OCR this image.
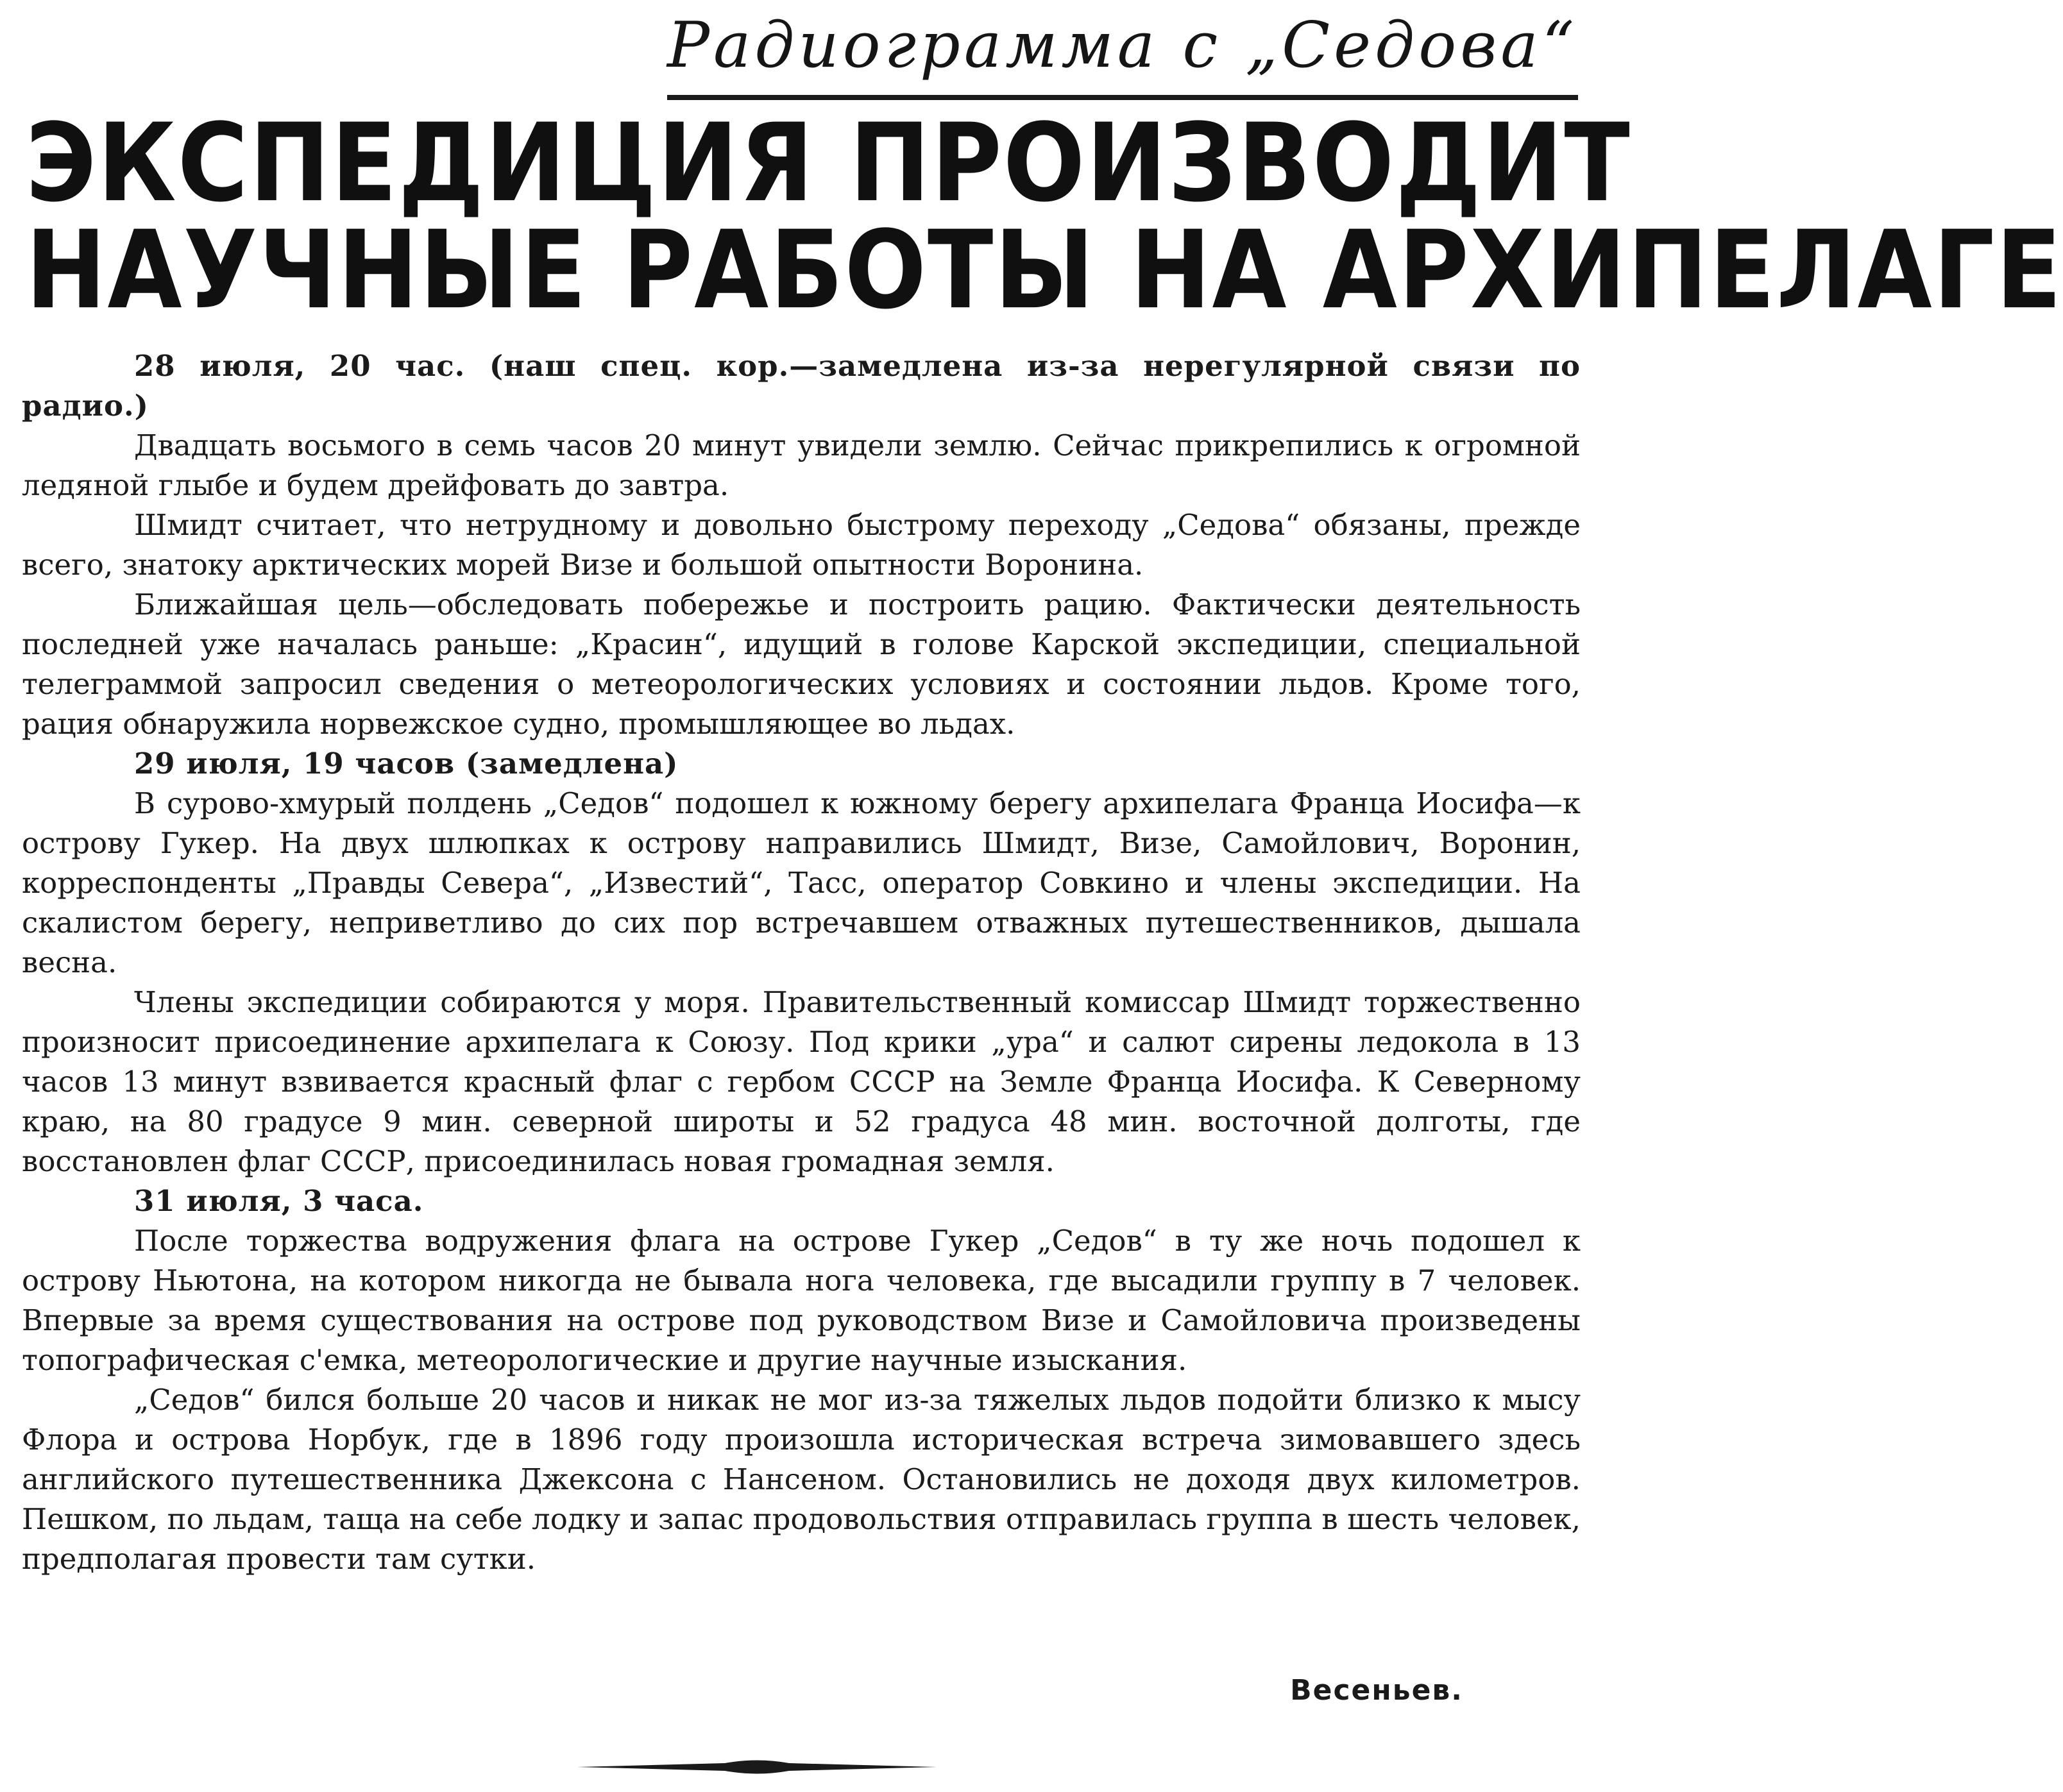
Радиограмма с „Седова“
ЭКСПЕДИЦИЯ ПРОИЗВОДИТ
НАУЧНЫЕ РАБОТЫ НА АРХИПЕЛАГЕ

28 июля, 20 час. (наш спец. кор.—замедлена из-за нерегулярной связи по радио.)

Двадцать восьмого в семь часов 20 минут увидели землю. Сейчас прикрепились к огромной ледяной глыбе и будем дрейфовать до завтра.

Шмидт считает, что нетрудному и довольно быстрому переходу „Седова“ обязаны, прежде всего, знатоку арктических морей Визе и большой опытности Воронина.

Ближайшая цель—обследовать побережье и построить рацию. Фактически деятельность последней уже началась раньше: „Красин“, идущий в голове Карской экспедиции, специальной телеграммой запросил сведения о метеорологических условиях и состоянии льдов. Кроме того, рация обнаружила норвежское судно, промышляющее во льдах.

29 июля, 19 часов (замедлена)

В сурово-хмурый полдень „Седов“ подошел к южному берегу архипелага Франца Иосифа—к острову Гукер. На двух шлюпках к острову направились Шмидт, Визе, Самойлович, Воронин, корреспонденты „Правды Севера“, „Известий“, Тасс, оператор Совкино и члены экспедиции. На скалистом берегу, неприветливо до сих пор встречавшем отважных путешественников, дышала весна.

Члены экспедиции собираются у моря. Правительственный комиссар Шмидт торжественно произносит присоединение архипелага к Союзу. Под крики „ура“ и салют сирены ледокола в 13 часов 13 минут взвивается красный флаг с гербом СССР на Земле Франца Иосифа. К Северному краю, на 80 градусе 9 мин. северной широты и 52 градуса 48 мин. восточной долготы, где восстановлен флаг СССР, присоединилась новая громадная земля.

31 июля, 3 часа.

После торжества водружения флага на острове Гукер „Седов“ в ту же ночь подошел к острову Ньютона, на котором никогда не бывала нога человека, где высадили группу в 7 человек. Впервые за время существования на острове под руководством Визе и Самойловича произведены топографическая с'емка, метеорологические и другие научные изыскания.

„Седов“ бился больше 20 часов и никак не мог из-за тяжелых льдов подойти близко к мысу Флора и острова Норбук, где в 1896 году произошла историческая встреча зимовавшего здесь английского путешественника Джексона с Нансеном. Остановились не доходя двух километров. Пешком, по льдам, таща на себе лодку и запас продовольствия отправилась группа в шесть человек, предполагая провести там сутки.

Весеньев.
